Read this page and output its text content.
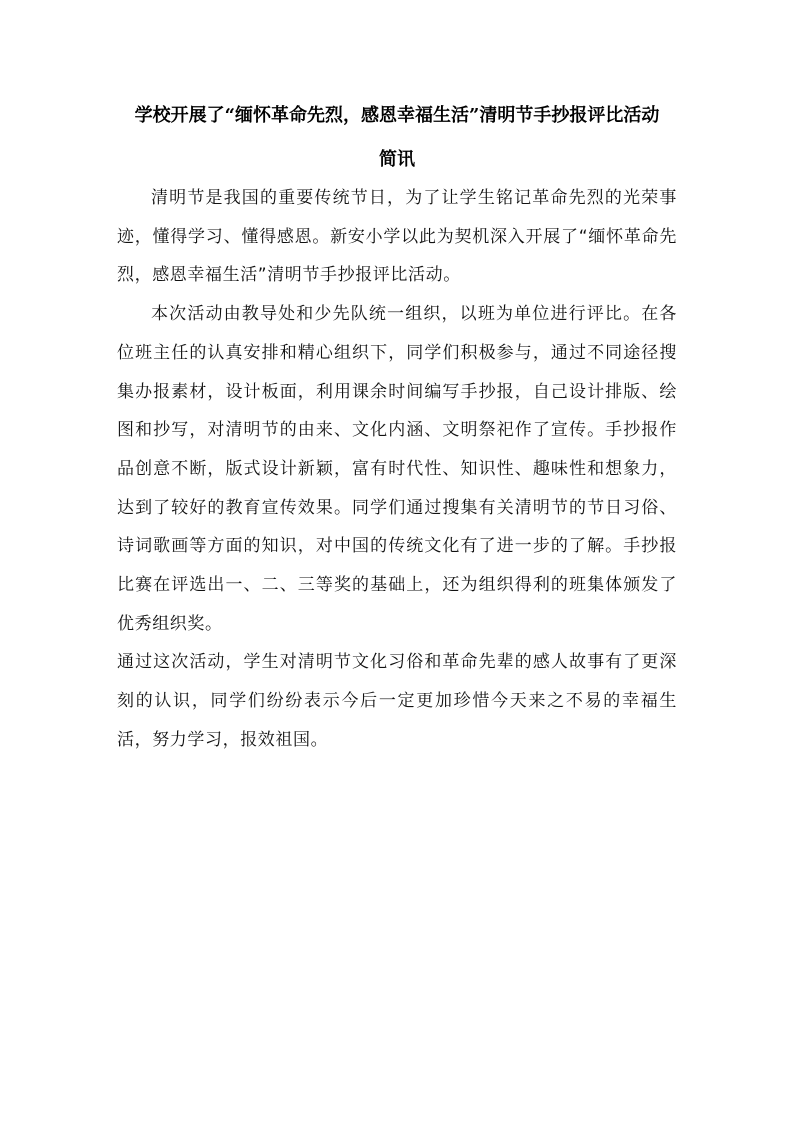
学校开展了“缅怀革命先烈，感恩幸福生活”清明节手抄报评比活动
简讯

清明节是我国的重要传统节日，为了让学生铭记革命先烈的光荣事迹，懂得学习、懂得感恩。新安小学以此为契机深入开展了“缅怀革命先烈，感恩幸福生活”清明节手抄报评比活动。

本次活动由教导处和少先队统一组织，以班为单位进行评比。在各位班主任的认真安排和精心组织下，同学们积极参与，通过不同途径搜集办报素材，设计板面，利用课余时间编写手抄报，自己设计排版、绘图和抄写，对清明节的由来、文化内涵、文明祭祀作了宣传。手抄报作品创意不断，版式设计新颖，富有时代性、知识性、趣味性和想象力，达到了较好的教育宣传效果。同学们通过搜集有关清明节的节日习俗、诗词歌画等方面的知识，对中国的传统文化有了进一步的了解。手抄报比赛在评选出一、二、三等奖的基础上，还为组织得利的班集体颁发了优秀组织奖。

通过这次活动，学生对清明节文化习俗和革命先辈的感人故事有了更深刻的认识，同学们纷纷表示今后一定更加珍惜今天来之不易的幸福生活，努力学习，报效祖国。
